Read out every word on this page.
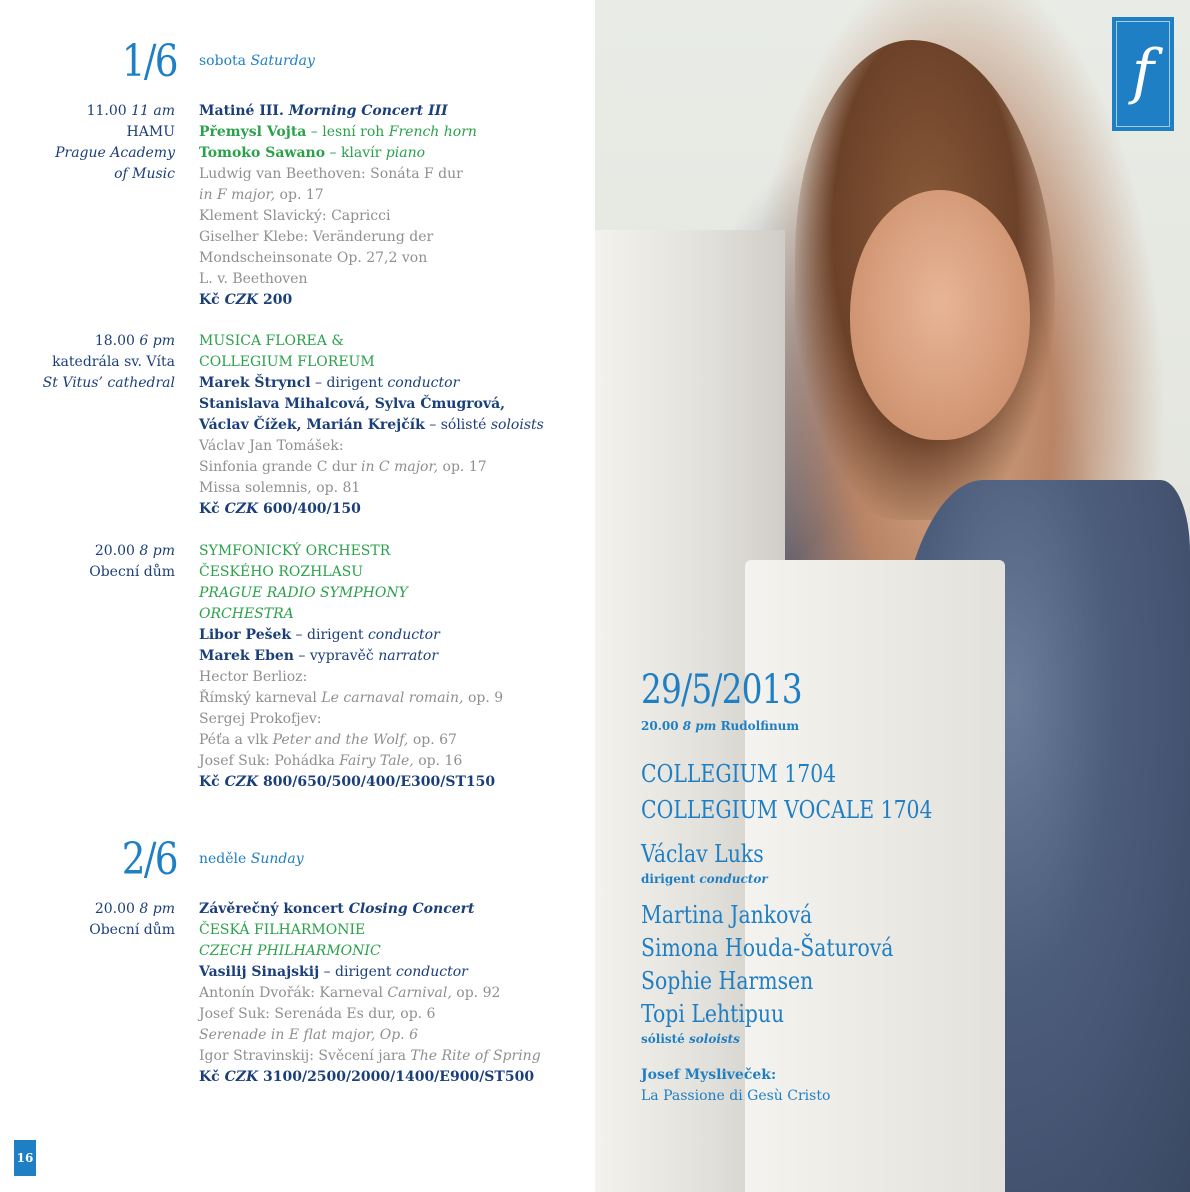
1/6 sobota Saturday
11.00 11 am
HAMU
Prague Academy
of Music
Matiné III. Morning Concert III
Přemysl Vojta – lesní roh French horn
Tomoko Sawano – klavír piano
Ludwig van Beethoven: Sonáta F dur
in F major, op. 17
Klement Slavický: Capricci
Giselher Klebe: Veränderung der
Mondscheinsonate Op. 27,2 von
L. v. Beethoven
Kč CZK 200
18.00 6 pm
katedrála sv. Víta
St Vitus’ cathedral
MUSICA FLOREA &
COLLEGIUM FLOREUM
Marek Štryncl – dirigent conductor
Stanislava Mihalcová, Sylva Čmugrová,
Václav Čížek, Marián Krejčík – sólisté soloists
Václav Jan Tomášek:
Sinfonia grande C dur in C major, op. 17
Missa solemnis, op. 81
Kč CZK 600/400/150
20.00 8 pm
Obecní dům
SYMFONICKÝ ORCHESTR
ČESKÉHO ROZHLASU
PRAGUE RADIO SYMPHONY
ORCHESTRA
Libor Pešek – dirigent conductor
Marek Eben – vypravěč narrator
Hector Berlioz:
Římský karneval Le carnaval romain, op. 9
Sergej Prokofjev:
Péťa a vlk Peter and the Wolf, op. 67
Josef Suk: Pohádka Fairy Tale, op. 16
Kč CZK 800/650/500/400/E300/ST150
2/6 neděle Sunday
20.00 8 pm
Obecní dům
Závěrečný koncert Closing Concert
ČESKÁ FILHARMONIE
CZECH PHILHARMONIC
Vasilij Sinajskij – dirigent conductor
Antonín Dvořák: Karneval Carnival, op. 92
Josef Suk: Serenáda Es dur, op. 6
Serenade in E flat major, Op. 6
Igor Stravinskij: Svěcení jara The Rite of Spring
Kč CZK 3100/2500/2000/1400/E900/ST500
16
f
29/5/2013
20.00 8 pm Rudolfinum
COLLEGIUM 1704
COLLEGIUM VOCALE 1704
Václav Luks
dirigent conductor
Martina Janková
Simona Houda-Šaturová
Sophie Harmsen
Topi Lehtipuu
sólisté soloists
Josef Mysliveček:
La Passione di Gesù Cristo
